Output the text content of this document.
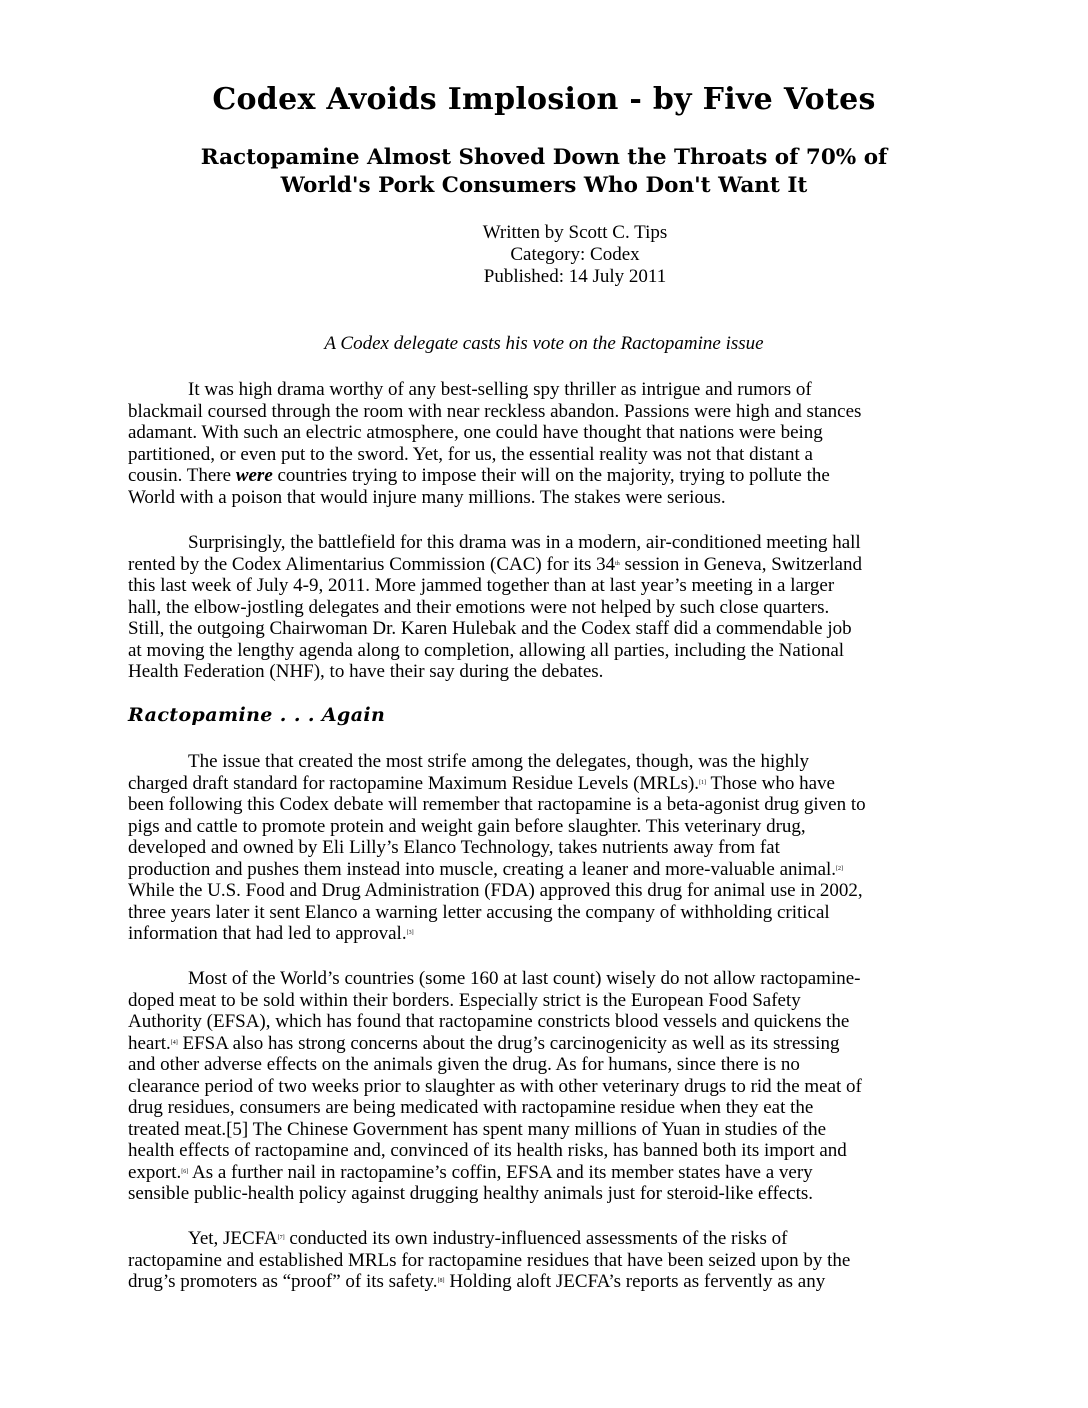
Codex Avoids Implosion - by Five Votes
Ractopamine Almost Shoved Down the Throats of 70% of
World's Pork Consumers Who Don't Want It
Written by Scott C. Tips
Category: Codex
Published: 14 July 2011

A Codex delegate casts his vote on the Ractopamine issue

It was high drama worthy of any best-selling spy thriller as intrigue and rumors of
blackmail coursed through the room with near reckless abandon. Passions were high and stances
adamant. With such an electric atmosphere, one could have thought that nations were being
partitioned, or even put to the sword. Yet, for us, the essential reality was not that distant a
cousin. There were countries trying to impose their will on the majority, trying to pollute the
World with a poison that would injure many millions. The stakes were serious.

Surprisingly, the battlefield for this drama was in a modern, air-conditioned meeting hall
rented by the Codex Alimentarius Commission (CAC) for its 34th session in Geneva, Switzerland
this last week of July 4-9, 2011. More jammed together than at last year’s meeting in a larger
hall, the elbow-jostling delegates and their emotions were not helped by such close quarters.
Still, the outgoing Chairwoman Dr. Karen Hulebak and the Codex staff did a commendable job
at moving the lengthy agenda along to completion, allowing all parties, including the National
Health Federation (NHF), to have their say during the debates.

Ractopamine . . . Again

The issue that created the most strife among the delegates, though, was the highly
charged draft standard for ractopamine Maximum Residue Levels (MRLs).[1] Those who have
been following this Codex debate will remember that ractopamine is a beta-agonist drug given to
pigs and cattle to promote protein and weight gain before slaughter. This veterinary drug,
developed and owned by Eli Lilly’s Elanco Technology, takes nutrients away from fat
production and pushes them instead into muscle, creating a leaner and more-valuable animal.[2]
While the U.S. Food and Drug Administration (FDA) approved this drug for animal use in 2002,
three years later it sent Elanco a warning letter accusing the company of withholding critical
information that had led to approval.[3]

Most of the World’s countries (some 160 at last count) wisely do not allow ractopamine-
doped meat to be sold within their borders. Especially strict is the European Food Safety
Authority (EFSA), which has found that ractopamine constricts blood vessels and quickens the
heart.[4] EFSA also has strong concerns about the drug’s carcinogenicity as well as its stressing
and other adverse effects on the animals given the drug. As for humans, since there is no
clearance period of two weeks prior to slaughter as with other veterinary drugs to rid the meat of
drug residues, consumers are being medicated with ractopamine residue when they eat the
treated meat.[5] The Chinese Government has spent many millions of Yuan in studies of the
health effects of ractopamine and, convinced of its health risks, has banned both its import and
export.[6] As a further nail in ractopamine’s coffin, EFSA and its member states have a very
sensible public-health policy against drugging healthy animals just for steroid-like effects.

Yet, JECFA[7] conducted its own industry-influenced assessments of the risks of
ractopamine and established MRLs for ractopamine residues that have been seized upon by the
drug’s promoters as “proof” of its safety.[8] Holding aloft JECFA’s reports as fervently as any
